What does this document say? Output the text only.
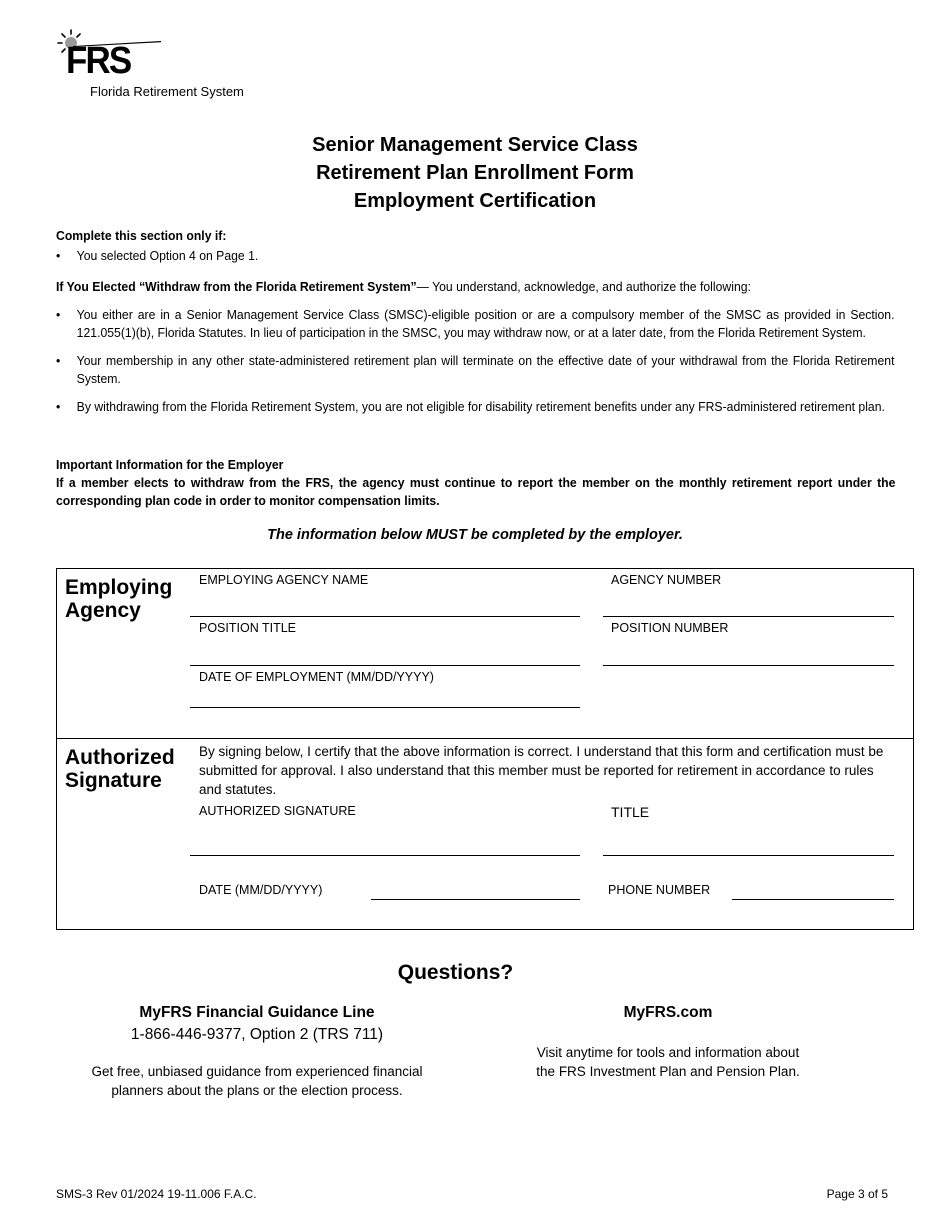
FRS
Florida Retirement System
Senior Management Service Class
Retirement Plan Enrollment Form
Employment Certification
Complete this section only if:
• You selected Option 4 on Page 1.
If You Elected “Withdraw from the Florida Retirement System”— You understand, acknowledge, and authorize the following:
• You either are in a Senior Management Service Class (SMSC)-eligible position or are a compulsory member of the SMSC as provided in Section. 121.055(1)(b), Florida Statutes. In lieu of participation in the SMSC, you may withdraw now, or at a later date, from the Florida Retirement System.
• Your membership in any other state-administered retirement plan will terminate on the effective date of your withdrawal from the Florida Retirement System.
• By withdrawing from the Florida Retirement System, you are not eligible for disability retirement benefits under any FRS-administered retirement plan.
Important Information for the Employer
If a member elects to withdraw from the FRS, the agency must continue to report the member on the monthly retirement report under the corresponding plan code in order to monitor compensation limits.
The information below MUST be completed by the employer.
Employing
Agency
EMPLOYING AGENCY NAME	AGENCY NUMBER
POSITION TITLE	POSITION NUMBER
DATE OF EMPLOYMENT (MM/DD/YYYY)
Authorized
Signature
By signing below, I certify that the above information is correct. I understand that this form and certification must be submitted for approval. I also understand that this member must be reported for retirement in accordance to rules and statutes.
AUTHORIZED SIGNATURE	TITLE
DATE (MM/DD/YYYY)	PHONE NUMBER
Questions?
MyFRS Financial Guidance Line
1-866-446-9377, Option 2 (TRS 711)
Get free, unbiased guidance from experienced financial
planners about the plans or the election process.
MyFRS.com
Visit anytime for tools and information about
the FRS Investment Plan and Pension Plan.
SMS-3 Rev 01/2024 19-11.006 F.A.C.	Page 3 of 5
